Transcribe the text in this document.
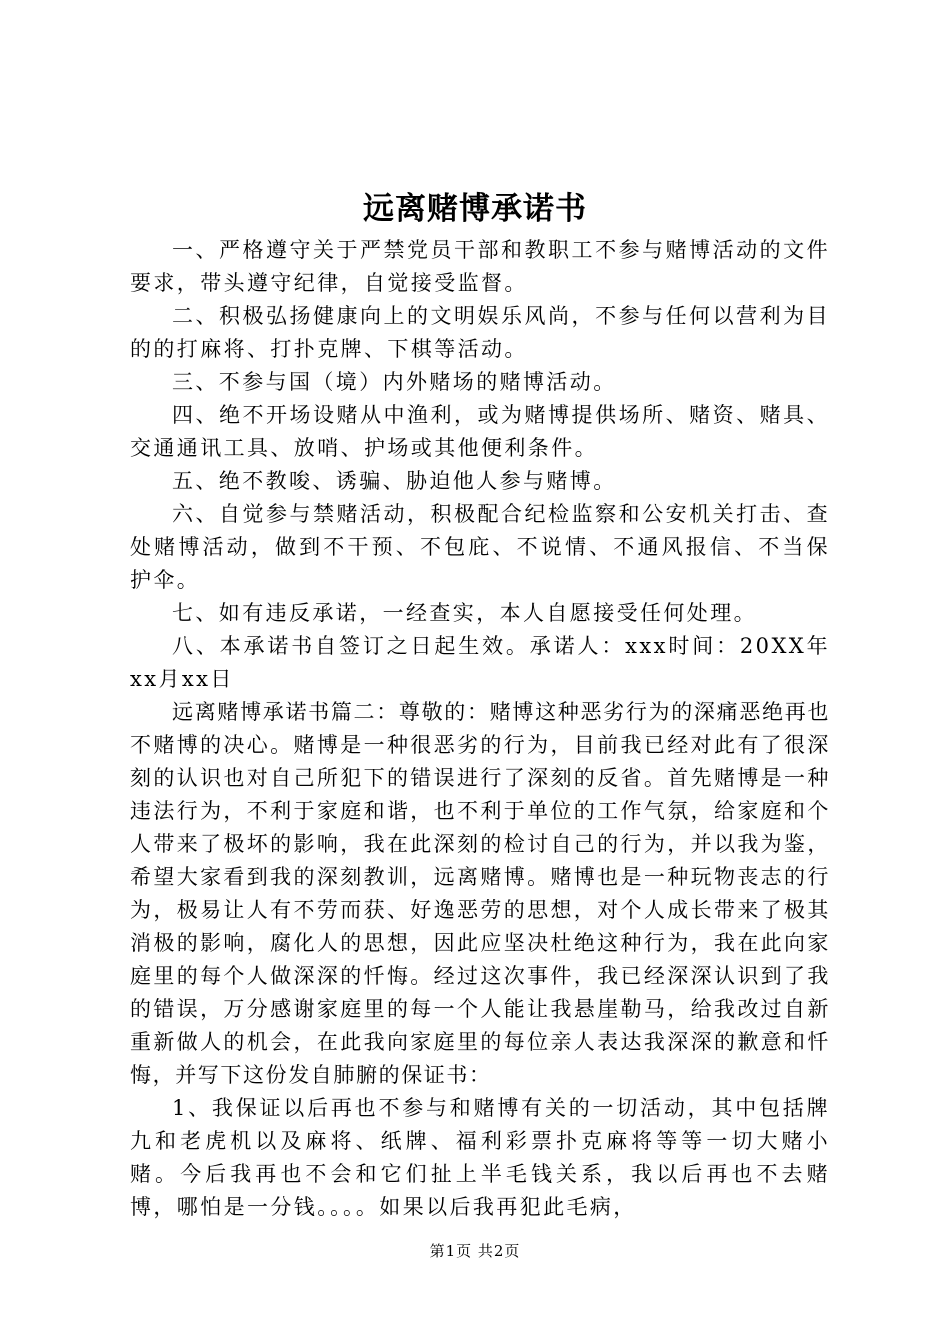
远离赌博承诺书

一、严格遵守关于严禁党员干部和教职工不参与赌博活动的文件要求，带头遵守纪律，自觉接受监督。

二、积极弘扬健康向上的文明娱乐风尚，不参与任何以营利为目的的打麻将、打扑克牌、下棋等活动。

三、不参与国（境）内外赌场的赌博活动。

四、绝不开场设赌从中渔利，或为赌博提供场所、赌资、赌具、交通通讯工具、放哨、护场或其他便利条件。

五、绝不教唆、诱骗、胁迫他人参与赌博。

六、自觉参与禁赌活动，积极配合纪检监察和公安机关打击、查处赌博活动，做到不干预、不包庇、不说情、不通风报信、不当保护伞。

七、如有违反承诺，一经查实，本人自愿接受任何处理。

八、本承诺书自签订之日起生效。承诺人：xxx时间：20XX年xx月xx日

远离赌博承诺书篇二：尊敬的：赌博这种恶劣行为的深痛恶绝再也不赌博的决心。赌博是一种很恶劣的行为，目前我已经对此有了很深刻的认识也对自己所犯下的错误进行了深刻的反省。首先赌博是一种违法行为，不利于家庭和谐，也不利于单位的工作气氛，给家庭和个人带来了极坏的影响，我在此深刻的检讨自己的行为，并以我为鉴，希望大家看到我的深刻教训，远离赌博。赌博也是一种玩物丧志的行为，极易让人有不劳而获、好逸恶劳的思想，对个人成长带来了极其消极的影响，腐化人的思想，因此应坚决杜绝这种行为，我在此向家庭里的每个人做深深的忏悔。经过这次事件，我已经深深认识到了我的错误，万分感谢家庭里的每一个人能让我悬崖勒马，给我改过自新重新做人的机会，在此我向家庭里的每位亲人表达我深深的歉意和忏悔，并写下这份发自肺腑的保证书：

1、我保证以后再也不参与和赌博有关的一切活动，其中包括牌九和老虎机以及麻将、纸牌、福利彩票扑克麻将等等一切大赌小赌。今后我再也不会和它们扯上半毛钱关系，我以后再也不去赌博，哪怕是一分钱。。。。如果以后我再犯此毛病，

第1页 共2页
